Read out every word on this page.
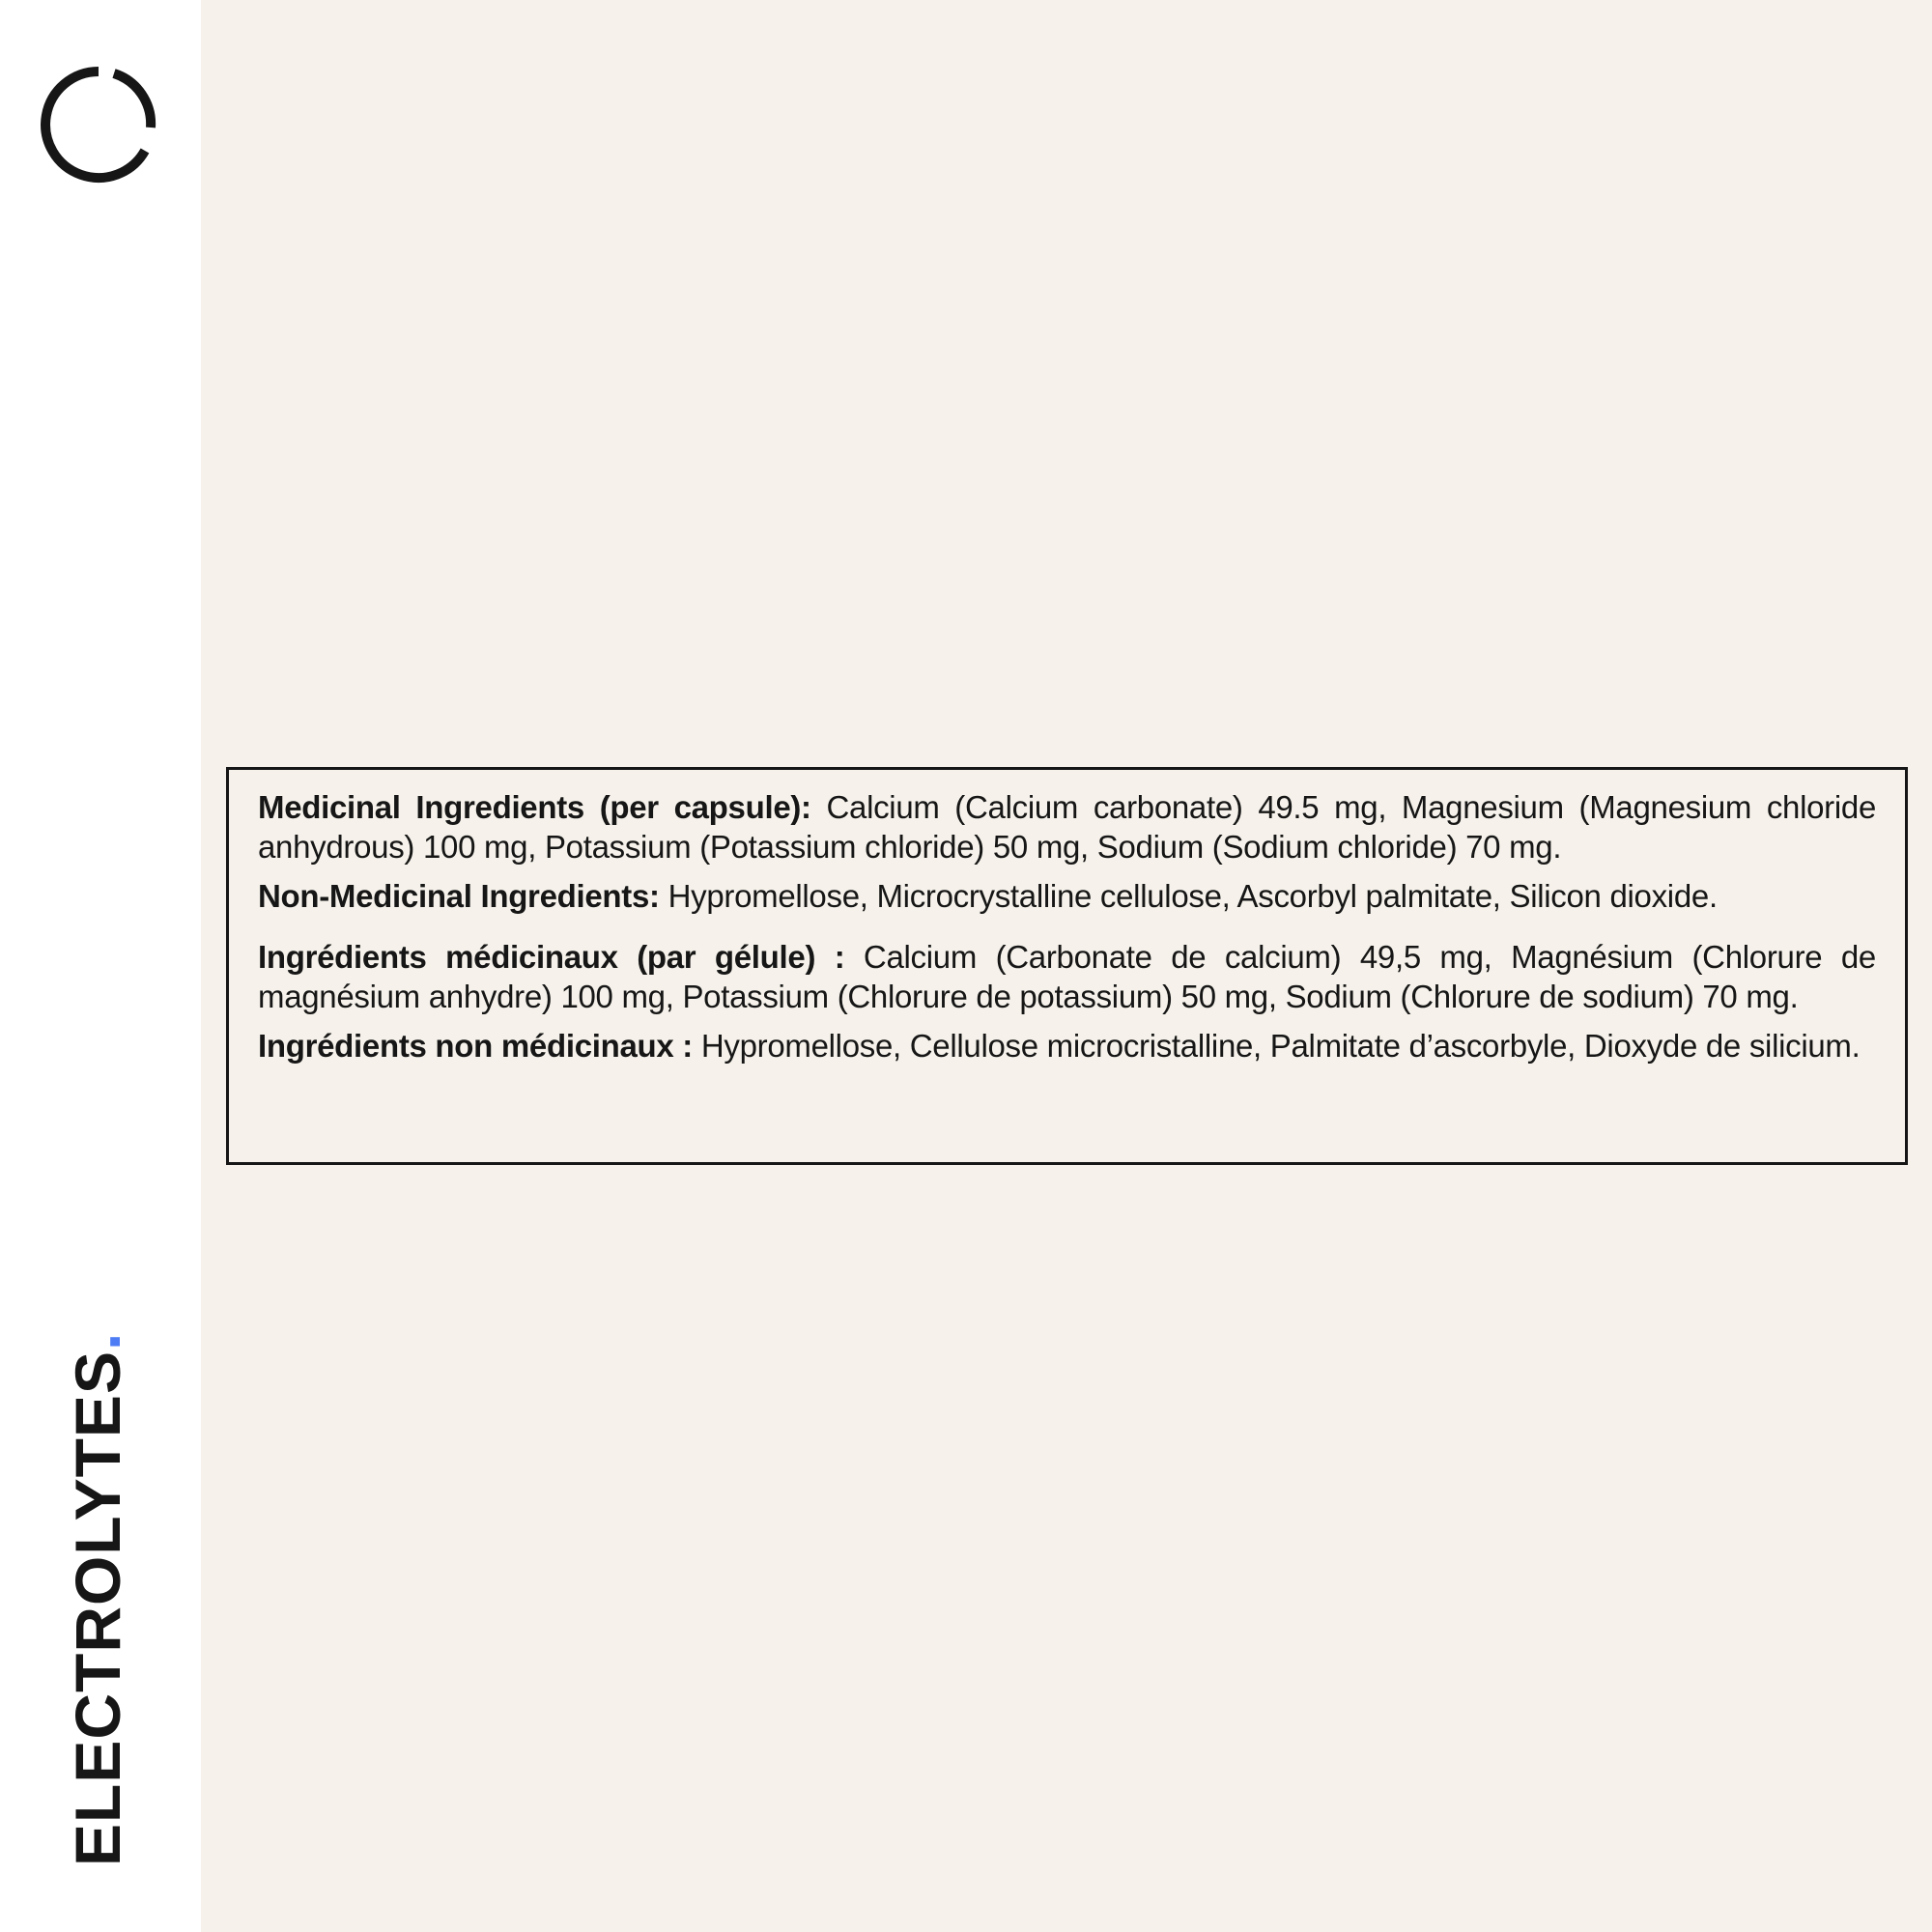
ELECTROLYTES.

Medicinal Ingredients (per capsule): Calcium (Calcium carbonate) 49.5 mg, Magnesium (Magnesium chloride anhydrous) 100 mg, Potassium (Potassium chloride) 50 mg, Sodium (Sodium chloride) 70 mg.

Non-Medicinal Ingredients: Hypromellose, Microcrystalline cellulose, Ascorbyl palmitate, Silicon dioxide.

Ingrédients médicinaux (par gélule) : Calcium (Carbonate de calcium) 49,5 mg, Magnésium (Chlorure de magnésium anhydre) 100 mg, Potassium (Chlorure de potassium) 50 mg, Sodium (Chlorure de sodium) 70 mg.

Ingrédients non médicinaux : Hypromellose, Cellulose microcristalline, Palmitate d’ascorbyle, Dioxyde de silicium.
